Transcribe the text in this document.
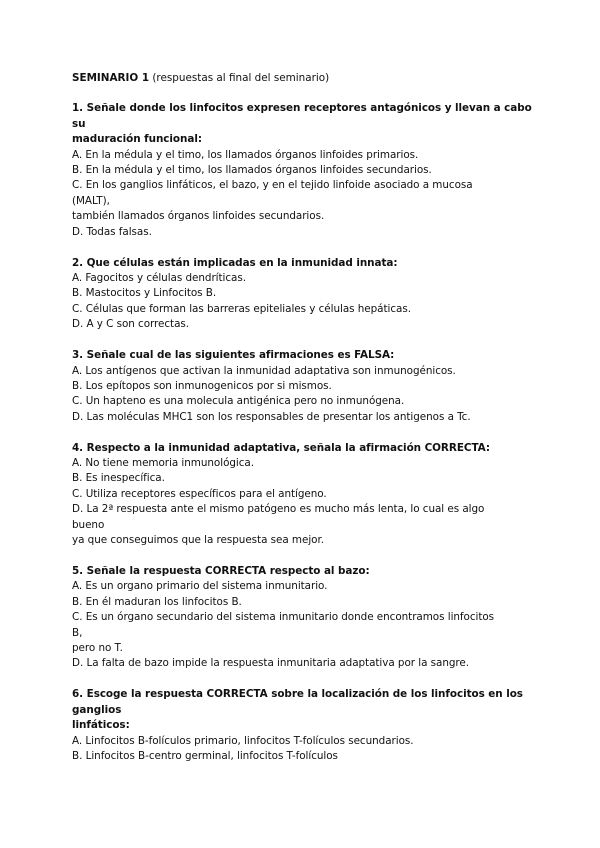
SEMINARIO 1 (respuestas al final del seminario)
1. Señale donde los linfocitos expresen receptores antagónicos y llevan a cabo
su
maduración funcional:
A. En la médula y el timo, los llamados órganos linfoides primarios.
B. En la médula y el timo, los llamados órganos linfoides secundarios.
C. En los ganglios linfáticos, el bazo, y en el tejido linfoide asociado a mucosa
(MALT),
también llamados órganos linfoides secundarios.
D. Todas falsas.
2. Que células están implicadas en la inmunidad innata:
A. Fagocitos y células dendríticas.
B. Mastocitos y Linfocitos B.
C. Células que forman las barreras epiteliales y células hepáticas.
D. A y C son correctas.
3. Señale cual de las siguientes afirmaciones es FALSA:
A. Los antígenos que activan la inmunidad adaptativa son inmunogénicos.
B. Los epítopos son inmunogenicos por si mismos.
C. Un hapteno es una molecula antigénica pero no inmunógena.
D. Las moléculas MHC1 son los responsables de presentar los antigenos a Tc.
4. Respecto a la inmunidad adaptativa, señala la afirmación CORRECTA:
A. No tiene memoria inmunológica.
B. Es inespecífica.
C. Utiliza receptores específicos para el antígeno.
D. La 2ª respuesta ante el mismo patógeno es mucho más lenta, lo cual es algo
bueno
ya que conseguimos que la respuesta sea mejor.
5. Señale la respuesta CORRECTA respecto al bazo:
A. Es un organo primario del sistema inmunitario.
B. En él maduran los linfocitos B.
C. Es un órgano secundario del sistema inmunitario donde encontramos linfocitos
B,
pero no T.
D. La falta de bazo impide la respuesta inmunitaria adaptativa por la sangre.
6. Escoge la respuesta CORRECTA sobre la localización de los linfocitos en los
ganglios
linfáticos:
A. Linfocitos B-folículos primario, linfocitos T-folículos secundarios.
B. Linfocitos B-centro germinal, linfocitos T-folículos
